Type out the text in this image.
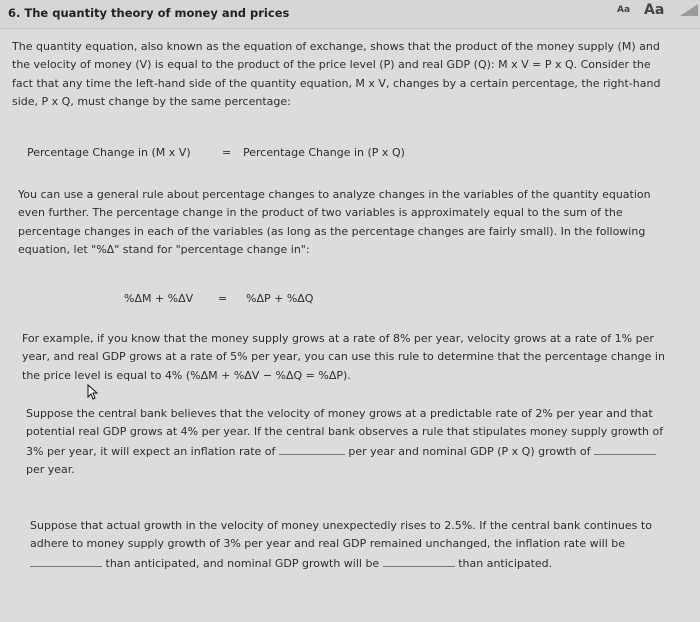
6. The quantity theory of money and prices	Aa Aa
The quantity equation, also known as the equation of exchange, shows that the product of the money supply (M) and
the velocity of money (V) is equal to the product of the price level (P) and real GDP (Q): M x V = P x Q. Consider the
fact that any time the left-hand side of the quantity equation, M x V, changes by a certain percentage, the right-hand
side, P x Q, must change by the same percentage:
Percentage Change in (M x V)	= Percentage Change in (P x Q)
You can use a general rule about percentage changes to analyze changes in the variables of the quantity equation
even further. The percentage change in the product of two variables is approximately equal to the sum of the
percentage changes in each of the variables (as long as the percentage changes are fairly small). In the following
equation, let "%Δ" stand for "percentage change in":
%ΔM + %ΔV = %ΔP + %ΔQ
For example, if you know that the money supply grows at a rate of 8% per year, velocity grows at a rate of 1% per
year, and real GDP grows at a rate of 5% per year, you can use this rule to determine that the percentage change in
the price level is equal to 4% (%ΔM + %ΔV − %ΔQ = %ΔP).
Suppose the central bank believes that the velocity of money grows at a predictable rate of 2% per year and that
potential real GDP grows at 4% per year. If the central bank observes a rule that stipulates money supply growth of
3% per year, it will expect an inflation rate of	per year and nominal GDP (P x Q) growth of
per year.
Suppose that actual growth in the velocity of money unexpectedly rises to 2.5%. If the central bank continues to
adhere to money supply growth of 3% per year and real GDP remained unchanged, the inflation rate will be
than anticipated, and nominal GDP growth will be	than anticipated.
